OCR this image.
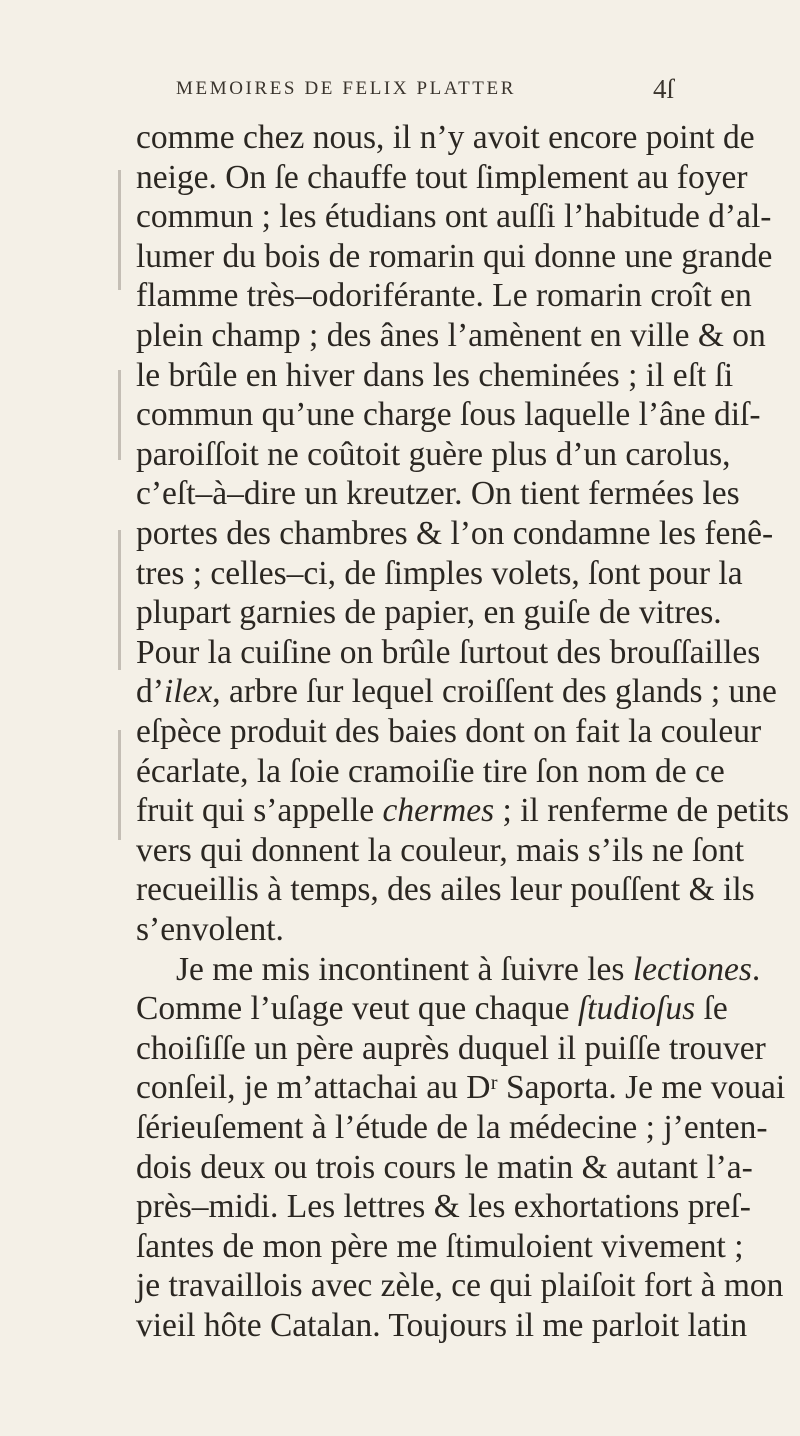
MEMOIRES DE FELIX PLATTER	4ſ
comme chez nous, il n’y avoit encore point de
neige. On ſe chauffe tout ſimplement au foyer
commun ; les étudians ont auſſi l’habitude d’al-
lumer du bois de romarin qui donne une grande
flamme très–odoriférante. Le romarin croît en
plein champ ; des ânes l’amènent en ville & on
le brûle en hiver dans les cheminées ; il eſt ſi
commun qu’une charge ſous laquelle l’âne diſ-
paroiſſoit ne coûtoit guère plus d’un carolus,
c’eſt–à–dire un kreutzer. On tient fermées les
portes des chambres & l’on condamne les fenê-
tres ; celles–ci, de ſimples volets, ſont pour la
plupart garnies de papier, en guiſe de vitres.
Pour la cuiſine on brûle ſurtout des brouſſailles
d’ilex, arbre ſur lequel croiſſent des glands ; une
eſpèce produit des baies dont on fait la couleur
écarlate, la ſoie cramoiſie tire ſon nom de ce
fruit qui s’appelle chermes ; il renferme de petits
vers qui donnent la couleur, mais s’ils ne ſont
recueillis à temps, des ailes leur pouſſent & ils
s’envolent.
Je me mis incontinent à ſuivre les lectiones.
Comme l’uſage veut que chaque ſtudioſus ſe
choiſiſſe un père auprès duquel il puiſſe trouver
conſeil, je m’attachai au Dʳ Saporta. Je me vouai
ſérieuſement à l’étude de la médecine ; j’enten-
dois deux ou trois cours le matin & autant l’a-
près–midi. Les lettres & les exhortations preſ-
ſantes de mon père me ſtimuloient vivement ;
je travaillois avec zèle, ce qui plaiſoit fort à mon
vieil hôte Catalan. Toujours il me parloit latin
